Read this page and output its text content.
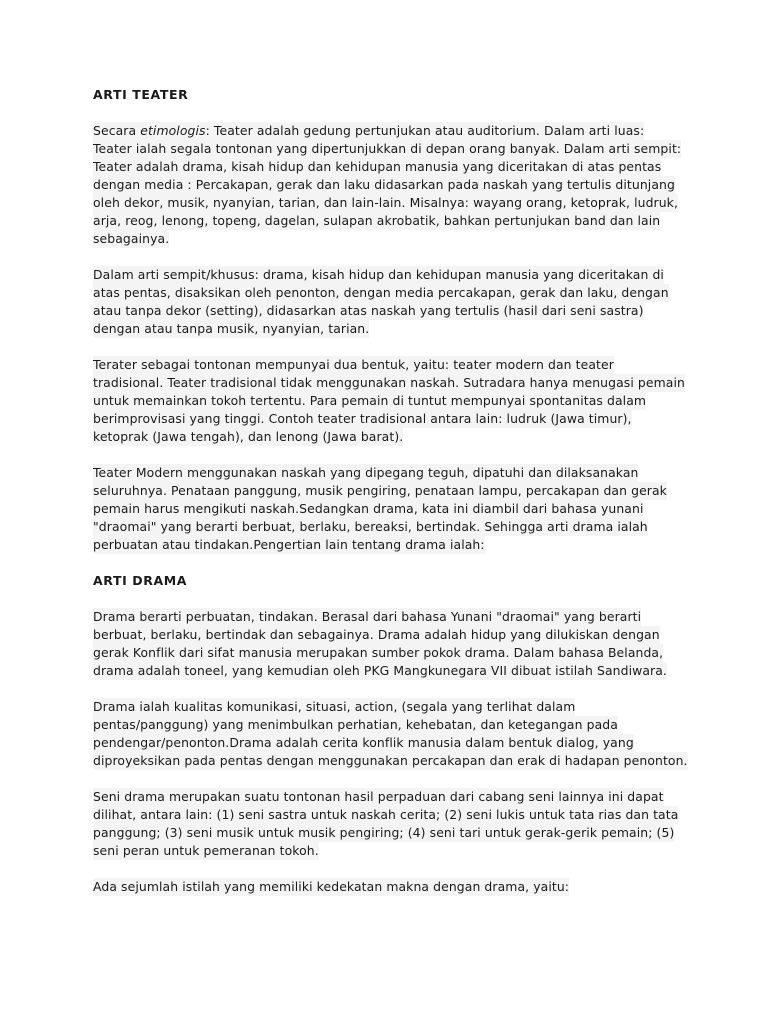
ARTI TEATER
Secara etimologis: Teater adalah gedung pertunjukan atau auditorium. Dalam arti luas:
Teater ialah segala tontonan yang dipertunjukkan di depan orang banyak. Dalam arti sempit:
Teater adalah drama, kisah hidup dan kehidupan manusia yang diceritakan di atas pentas
dengan media : Percakapan, gerak dan laku didasarkan pada naskah yang tertulis ditunjang
oleh dekor, musik, nyanyian, tarian, dan lain-lain. Misalnya: wayang orang, ketoprak, ludruk,
arja, reog, lenong, topeng, dagelan, sulapan akrobatik, bahkan pertunjukan band dan lain
sebagainya.
Dalam arti sempit/khusus: drama, kisah hidup dan kehidupan manusia yang diceritakan di
atas pentas, disaksikan oleh penonton, dengan media percakapan, gerak dan laku, dengan
atau tanpa dekor (setting), didasarkan atas naskah yang tertulis (hasil dari seni sastra)
dengan atau tanpa musik, nyanyian, tarian.
Terater sebagai tontonan mempunyai dua bentuk, yaitu: teater modern dan teater
tradisional. Teater tradisional tidak menggunakan naskah. Sutradara hanya menugasi pemain
untuk memainkan tokoh tertentu. Para pemain di tuntut mempunyai spontanitas dalam
berimprovisasi yang tinggi. Contoh teater tradisional antara lain: ludruk (Jawa timur),
ketoprak (Jawa tengah), dan lenong (Jawa barat).
Teater Modern menggunakan naskah yang dipegang teguh, dipatuhi dan dilaksanakan
seluruhnya. Penataan panggung, musik pengiring, penataan lampu, percakapan dan gerak
pemain harus mengikuti naskah.Sedangkan drama, kata ini diambil dari bahasa yunani
"draomai" yang berarti berbuat, berlaku, bereaksi, bertindak. Sehingga arti drama ialah
perbuatan atau tindakan.Pengertian lain tentang drama ialah:
ARTI DRAMA
Drama berarti perbuatan, tindakan. Berasal dari bahasa Yunani "draomai" yang berarti
berbuat, berlaku, bertindak dan sebagainya. Drama adalah hidup yang dilukiskan dengan
gerak Konflik dari sifat manusia merupakan sumber pokok drama. Dalam bahasa Belanda,
drama adalah toneel, yang kemudian oleh PKG Mangkunegara VII dibuat istilah Sandiwara.
Drama ialah kualitas komunikasi, situasi, action, (segala yang terlihat dalam
pentas/panggung) yang menimbulkan perhatian, kehebatan, dan ketegangan pada
pendengar/penonton.Drama adalah cerita konflik manusia dalam bentuk dialog, yang
diproyeksikan pada pentas dengan menggunakan percakapan dan erak di hadapan penonton.
Seni drama merupakan suatu tontonan hasil perpaduan dari cabang seni lainnya ini dapat
dilihat, antara lain: (1) seni sastra untuk naskah cerita; (2) seni lukis untuk tata rias dan tata
panggung; (3) seni musik untuk musik pengiring; (4) seni tari untuk gerak-gerik pemain; (5)
seni peran untuk pemeranan tokoh.
Ada sejumlah istilah yang memiliki kedekatan makna dengan drama, yaitu:
